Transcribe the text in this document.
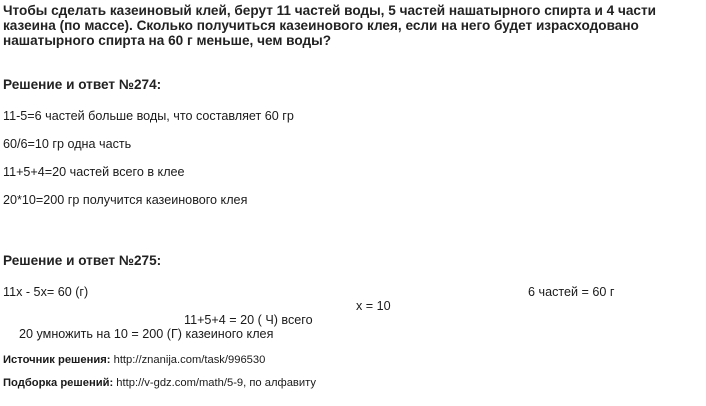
Чтобы сделать казеиновый клей, берут 11 частей воды, 5 частей нашатырного спирта и 4 части
казеина (по массе). Сколько получиться казеинового клея, если на него будет израсходовано
нашатырного спирта на 60 г меньше, чем воды?
Решение и ответ №274:
11-5=6 частей больше воды, что составляет 60 гр
60/6=10 гр одна часть
11+5+4=20 частей всего в клее
20*10=200 гр получится казеинового клея
Решение и ответ №275:
11х - 5х= 60 (г)	6 частей = 60 г
х = 10
11+5+4 = 20 ( Ч) всего
20 умножить на 10 = 200 (Г) казеиного клея
Источник решения: http://znanija.com/task/996530
Подборка решений: http://v-gdz.com/math/5-9, по алфавиту
